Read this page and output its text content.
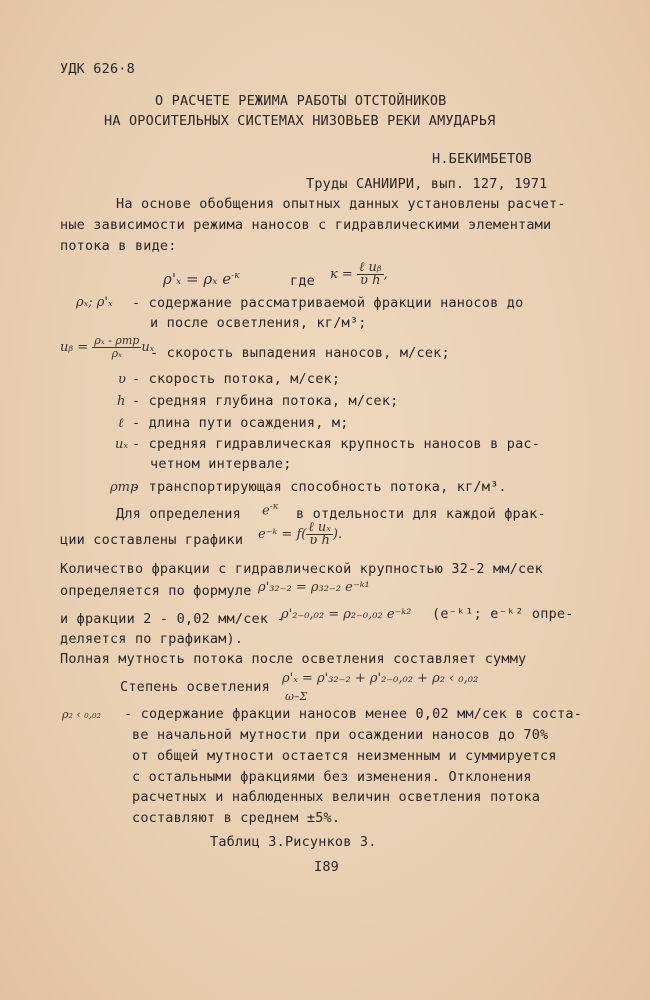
УДК 626·8
О РАСЧЕТЕ РЕЖИМА РАБОТЫ ОТСТОЙНИКОВ
НА ОРОСИТЕЛЬНЫХ СИСТЕМАХ НИЗОВЬЕВ РЕКИ АМУДАРЬЯ
Н.БЕКИМБЕТОВ
Труды САНИИРИ, вып. 127, 1971
На основе обобщения опытных данных установлены расчет-
ные зависимости режима наносов с гидравлическими элементами
потока в виде:
ρ'ₓ = ρₓ $e^{-к}$	где $к = \frac{\text{ℓ uᵦ}}{\text{υ h}}$ ,
ρₓ; ρ'ₓ - содержание рассматриваемой фракции наносов до
и после осветления, кг/м³;
uᵦ = $\frac{\text{ρₓ - ρтр}}{\text{ρₓ}}$ uₓ
- скорость выпадения наносов, м/сек;
υ - скорость потока, м/сек;
h - средняя глубина потока, м/сек;
ℓ - длина пути осаждения, м;
uₓ - средняя гидравлическая крупность наносов в рас-
четном интервале;
ρтр
- транспортирующая способность потока, кг/м³.
Для определения $e^{-к}$ в отдельности для каждой фрак-
ции составлены графики e⁻ᵏ = $f( \frac{\text{ℓ uₓ}}{\text{υ h}}$ ).
Количество фракции с гидравлической крупностью 32-2 мм/сек
определяется по формуле ρ'₃₂₋₂ = ρ₃₂₋₂ e⁻ᵏ¹
и фракции 2 - 0,02 мм/сек -
ρ'₂₋₀,₀₂ = ρ₂₋₀,₀₂ e⁻ᵏ² (e⁻ᵏ¹; e⁻ᵏ² опре-
деляется по графикам).
Полная мутность потока после осветления составляет сумму
ρ'ₓ = ρ'₃₂₋₂ + ρ'₂₋₀,₀₂ + ρ₂ ‹ ₀,₀₂
Степень осветления
ω–Σ
ρ₂ ‹ ₀,₀₂ - содержание фракции наносов менее 0,02 мм/сек в соста-
ве начальной мутности при осаждении наносов до 70%
от общей мутности остается неизменным и суммируется
с остальными фракциями без изменения. Отклонения
расчетных и наблюденных величин осветления потока
составляют в среднем ±5%.
Таблиц 3.Рисунков 3.
I89
